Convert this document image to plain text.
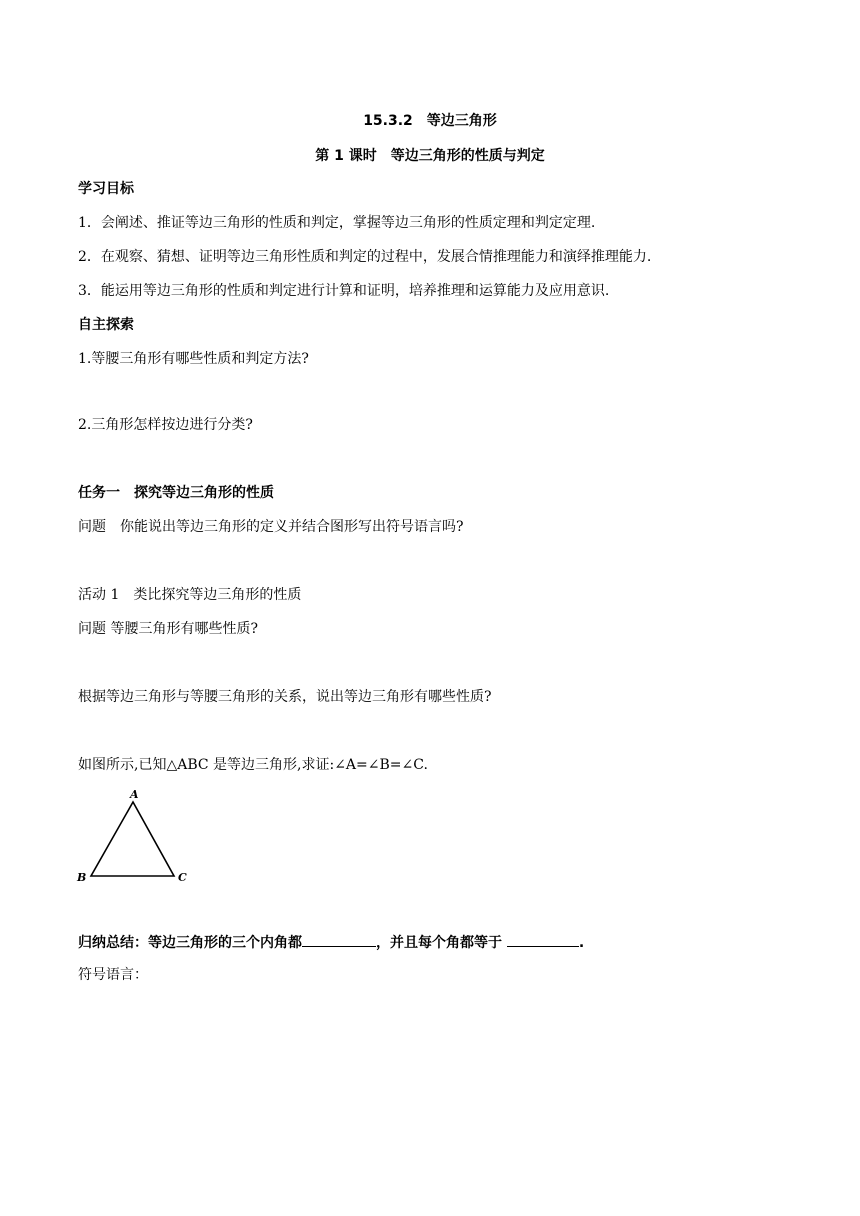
15.3.2　等边三角形
第 1 课时　等边三角形的性质与判定
学习目标
1．会阐述、推证等边三角形的性质和判定，掌握等边三角形的性质定理和判定定理.
2．在观察、猜想、证明等边三角形性质和判定的过程中，发展合情推理能力和演绎推理能力.
3．能运用等边三角形的性质和判定进行计算和证明，培养推理和运算能力及应用意识.
自主探索
1.等腰三角形有哪些性质和判定方法?
2.三角形怎样按边进行分类?
任务一　探究等边三角形的性质
问题　你能说出等边三角形的定义并结合图形写出符号语言吗?
活动 1　类比探究等边三角形的性质
问题 等腰三角形有哪些性质?
根据等边三角形与等腰三角形的关系，说出等边三角形有哪些性质?
如图所示,已知△ABC 是等边三角形,求证:∠A=∠B=∠C.
A
B	C
归纳总结：等边三角形的三个内角都	，并且每个角都等于	.
符号语言：
